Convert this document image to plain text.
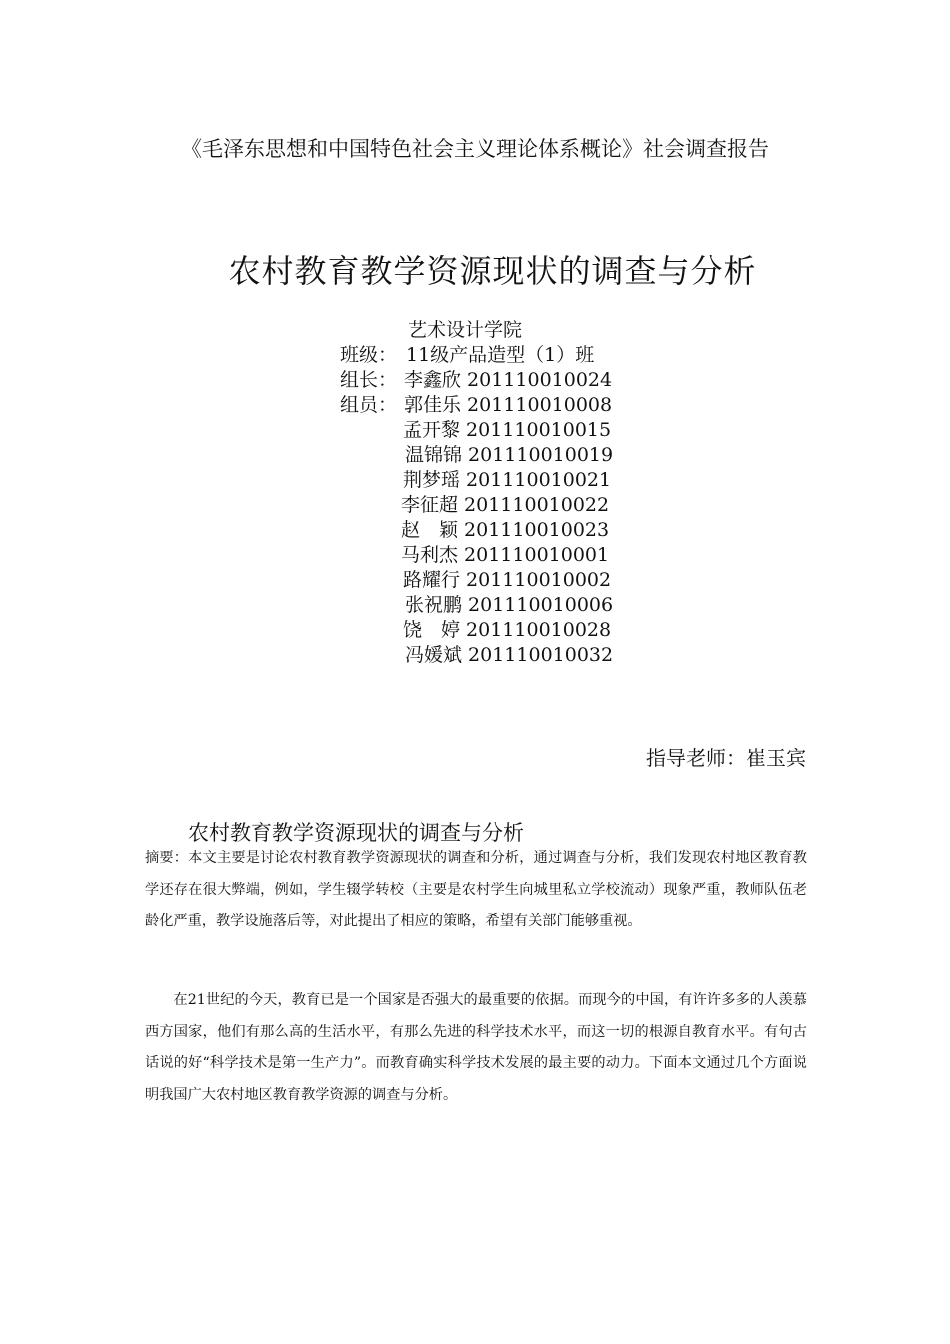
《毛泽东思想和中国特色社会主义理论体系概论》社会调查报告
农村教育教学资源现状的调查与分析
艺术设计学院
班级： 11级产品造型（1）班
组长： 李鑫欣 201110010024
组员： 郭佳乐 201110010008
孟开黎 201110010015
温锦锦 201110010019
荆梦瑶 201110010021
李征超 201110010022
赵　颖 201110010023
马利杰 201110010001
路耀行 201110010002
张祝鹏 201110010006
饶　婷 201110010028
冯媛斌 201110010032
指导老师：崔玉宾
农村教育教学资源现状的调查与分析
摘要：本文主要是讨论农村教育教学资源现状的调查和分析，通过调查与分析，我们发现农村地区教育教学还存在很大弊端，例如，学生辍学转校（主要是农村学生向城里私立学校流动）现象严重，教师队伍老龄化严重，教学设施落后等，对此提出了相应的策略，希望有关部门能够重视。
在21世纪的今天，教育已是一个国家是否强大的最重要的依据。而现今的中国，有许许多多的人羡慕西方国家，他们有那么高的生活水平，有那么先进的科学技术水平，而这一切的根源自教育水平。有句古话说的好“科学技术是第一生产力”。而教育确实科学技术发展的最主要的动力。下面本文通过几个方面说明我国广大农村地区教育教学资源的调查与分析。
